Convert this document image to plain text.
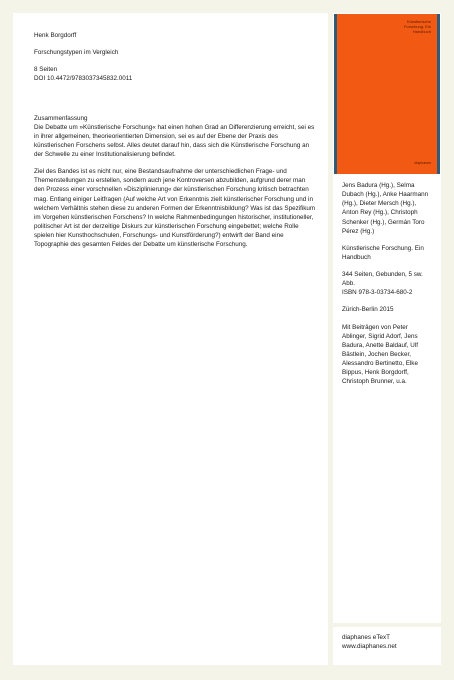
Henk Borgdorff

Forschungstypen im Vergleich

8 Seiten

DOI 10.4472/9783037345832.0011

Zusammenfassung

Die Debatte um »Künstlerische Forschung« hat einen hohen Grad an Differenzierung erreicht, sei es in ihrer allgemeinen, theorieorientierten Dimension, sei es auf der Ebene der Praxis des künstlerischen Forschens selbst. Alles deutet darauf hin, dass sich die Künstlerische Forschung an der Schwelle zu einer Institutionalisierung befindet.

Ziel des Bandes ist es nicht nur, eine Bestandsaufnahme der unterschiedlichen Frage- und Themenstellungen zu erstellen, sondern auch jene Kontroversen abzubilden, aufgrund derer man den Prozess einer vorschnellen »Disziplinierung« der künstlerischen Forschung kritisch betrachten mag. Entlang einiger Leitfragen (Auf welche Art von Erkenntnis zielt künstlerischer Forschung und in welchem Verhältnis stehen diese zu anderen Formen der Erkenntnisbildung? Was ist das Spezifikum im Vorgehen künstlerischen Forschens? In welche Rahmenbedingungen historischer, institutioneller, politischer Art ist der derzeitige Diskurs zur künstlerischen Forschung eingebettet; welche Rolle spielen hier Kunsthochschulen, Forschungs- und Kunstförderung?) entwirft der Band eine Topographie des gesamten Feldes der Debatte um künstlerische Forschung.

Künstlerische Forschung. Ein Handbuch
diaphanes

Jens Badura (Hg.), Selma Dubach (Hg.), Anke Haarmann (Hg.), Dieter Mersch (Hg.), Anton Rey (Hg.), Christoph Schenker (Hg.), Germán Toro Pérez (Hg.)

Künstlerische Forschung. Ein Handbuch

344 Seiten, Gebunden, 5 sw. Abb.

ISBN 978-3-03734-680-2

Zürich-Berlin 2015

Mit Beiträgen von Peter Ablinger, Sigrid Adorf, Jens Badura, Anette Baldauf, Ulf Bästlein, Jochen Becker, Alessandro Bertinetto, Elke Bippus, Henk Borgdorff, Christoph Brunner, u.a.

diaphanes eTexT

www.diaphanes.net
